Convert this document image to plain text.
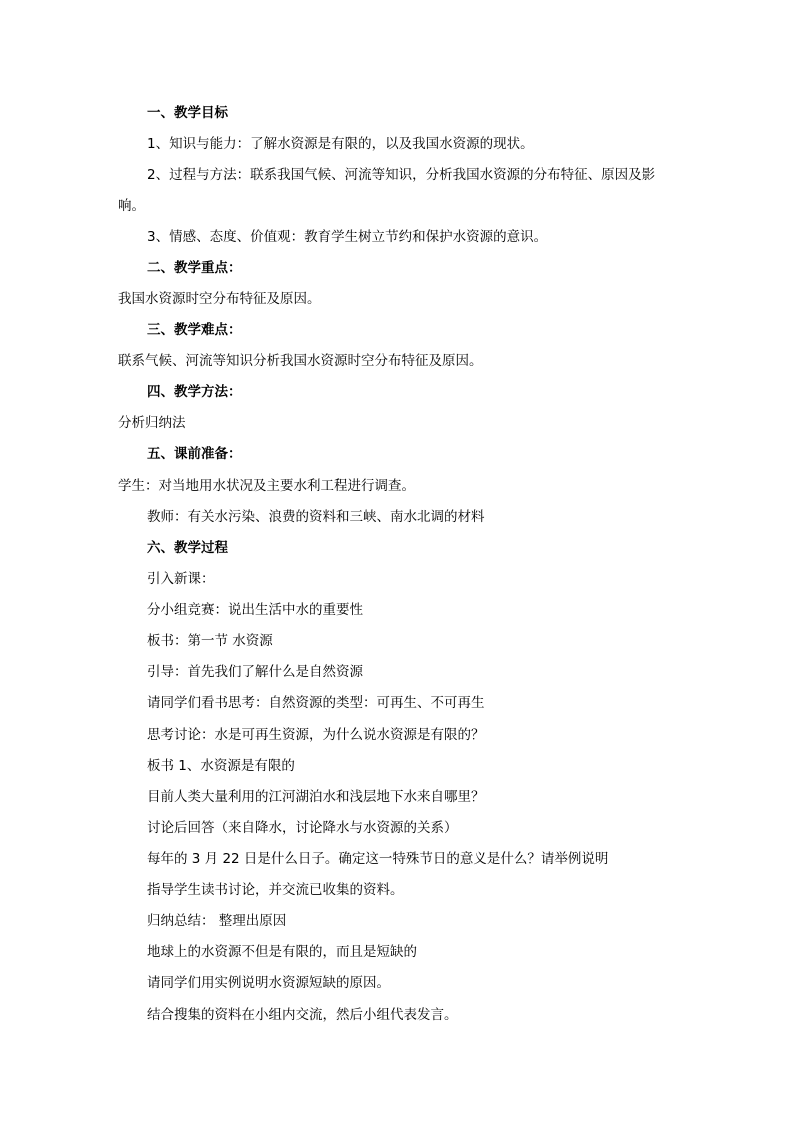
一、教学目标
1、知识与能力：了解水资源是有限的，以及我国水资源的现状。
2、过程与方法：联系我国气候、河流等知识，分析我国水资源的分布特征、原因及影
响。
3、情感、态度、价值观：教育学生树立节约和保护水资源的意识。
二、教学重点：
我国水资源时空分布特征及原因。
三、教学难点：
联系气候、河流等知识分析我国水资源时空分布特征及原因。
四、教学方法：
分析归纳法
五、课前准备：
学生：对当地用水状况及主要水利工程进行调查。
教师：有关水污染、浪费的资料和三峡、南水北调的材料
六、教学过程
引入新课：
分小组竞赛：说出生活中水的重要性
板书：第一节 水资源
引导：首先我们了解什么是自然资源
请同学们看书思考：自然资源的类型：可再生、不可再生
思考讨论：水是可再生资源，为什么说水资源是有限的？
板书 1、水资源是有限的
目前人类大量利用的江河湖泊水和浅层地下水来自哪里？
讨论后回答（来自降水，讨论降水与水资源的关系）
每年的 3 月 22 日是什么日子。确定这一特殊节日的意义是什么？请举例说明
指导学生读书讨论，并交流已收集的资料。
归纳总结： 整理出原因
地球上的水资源不但是有限的，而且是短缺的
请同学们用实例说明水资源短缺的原因。
结合搜集的资料在小组内交流，然后小组代表发言。
